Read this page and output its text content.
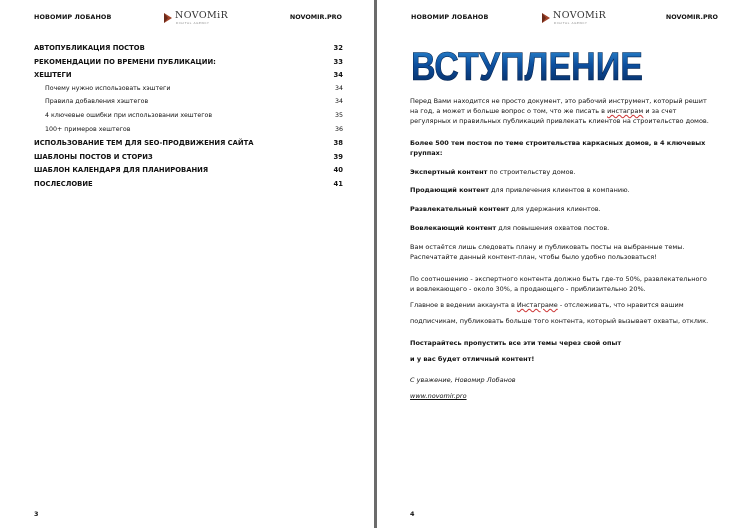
НОВОМИР ЛОБАНОВ	NOVOMiR
DIGITAL AGENCY
NOVOMIR.PRO
АВТОПУБЛИКАЦИЯ ПОСТОВ	32
РЕКОМЕНДАЦИИ ПО ВРЕМЕНИ ПУБЛИКАЦИИ:	33
ХЕШТЕГИ	34
Почему нужно использовать хэштеги	34
Правила добавления хэштегов	34
4 ключевые ошибки при использовании хештегов	35
100+ примеров хештегов	36
ИСПОЛЬЗОВАНИЕ ТЕМ ДЛЯ SEO-ПРОДВИЖЕНИЯ САЙТА	38
ШАБЛОНЫ ПОСТОВ И СТОРИЗ	39
ШАБЛОН КАЛЕНДАРЯ ДЛЯ ПЛАНИРОВАНИЯ	40
ПОСЛЕСЛОВИЕ	41
3
НОВОМИР ЛОБАНОВ	NOVOMiR
DIGITAL AGENCY
NOVOMIR.PRO
ВСТУПЛЕНИЕ

Перед Вами находится не просто документ, это рабочий инструмент, который решит

на год, а может и больше вопрос о том, что же писать в инстаграм и за счет

регулярных и правильных публикаций привлекать клиентов на строительство домов.

Более 500 тем постов по теме строительства каркасных домов, в 4 ключевых

группах:

Экспертный контент по строительству домов.

Продающий контент для привлечения клиентов в компанию.

Развлекательный контент для удержания клиентов.

Вовлекающий контент для повышения охватов постов.

Вам остаётся лишь следовать плану и публиковать посты на выбранные темы.

Распечатайте данный контент-план, чтобы было удобно пользоваться!

По соотношению - экспертного контента должно быть где-то 50%, развлекательного

и вовлекающего - около 30%, а продающего - приблизительно 20%.

Главное в ведении аккаунта в Инстаграме - отслеживать, что нравится вашим

подписчикам, публиковать больше того контента, который вызывает охваты, отклик.

Постарайтесь пропустить все эти темы через свой опыт

и у вас будет отличный контент!

С уважение, Новомир Лобанов

www.novomir.pro

4
